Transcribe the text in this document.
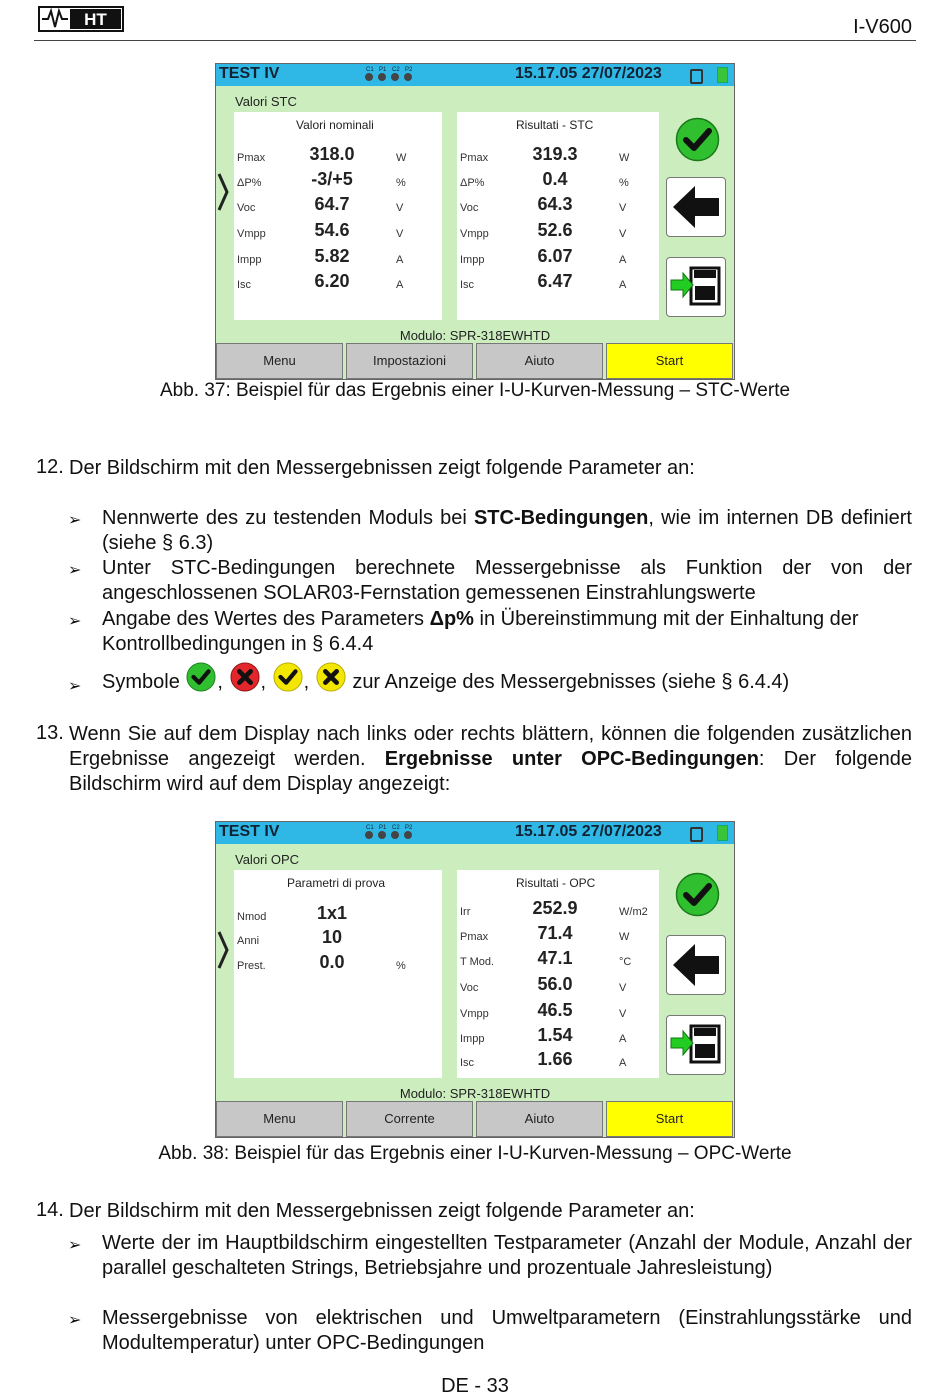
HT	I-V600
TEST IV	C1 P1 C2 P2	15.17.05 27/07/2023
Valori STC
Valori nominali
Pmax	318.0	W
ΔP%	-3/+5	%
Voc	64.7	V
Vmpp	54.6	V
Impp	5.82	A
Isc	6.20	A
Risultati - STC
Pmax	319.3	W
ΔP%	0.4	%
Voc	64.3	V
Vmpp	52.6	V
Impp	6.07	A
Isc	6.47	A
Modulo: SPR-318EWHTD
Menu	Impostazioni	Aiuto	Start
Abb. 37: Beispiel für das Ergebnis einer I-U-Kurven-Messung – STC-Werte
12. Der Bildschirm mit den Messergebnissen zeigt folgende Parameter an:
➢ Nennwerte des zu testenden Moduls bei STC-Bedingungen, wie im internen DB definiert (siehe § 6.3)
➢ Unter STC-Bedingungen berechnete Messergebnisse als Funktion der von der angeschlossenen SOLAR03-Fernstation gemessenen Einstrahlungswerte
➢ Angabe des Wertes des Parameters Δp% in Übereinstimmung mit der Einhaltung der Kontrollbedingungen in § 6.4.4
➢ Symbole , , ,  zur Anzeige des Messergebnisses (siehe § 6.4.4)
13. Wenn Sie auf dem Display nach links oder rechts blättern, können die folgenden zusätzlichen Ergebnisse angezeigt werden. Ergebnisse unter OPC-Bedingungen: Der folgende Bildschirm wird auf dem Display angezeigt:
TEST IV	C1 P1 C2 P2	15.17.05 27/07/2023
Valori OPC
Parametri di prova
Nmod	1x1
Anni	10
Prest.	0.0	%
Risultati - OPC
Irr	252.9	W/m2
Pmax	71.4	W
T Mod.	47.1	°C
Voc	56.0	V
Vmpp	46.5	V
Impp	1.54	A
Isc	1.66	A
Modulo: SPR-318EWHTD
Menu	Corrente	Aiuto	Start
Abb. 38: Beispiel für das Ergebnis einer I-U-Kurven-Messung – OPC-Werte
14. Der Bildschirm mit den Messergebnissen zeigt folgende Parameter an:
➢ Werte der im Hauptbildschirm eingestellten Testparameter (Anzahl der Module, Anzahl der parallel geschalteten Strings, Betriebsjahre und prozentuale Jahresleistung)
➢ Messergebnisse von elektrischen und Umweltparametern (Einstrahlungsstärke und Modultemperatur) unter OPC-Bedingungen
DE - 33
